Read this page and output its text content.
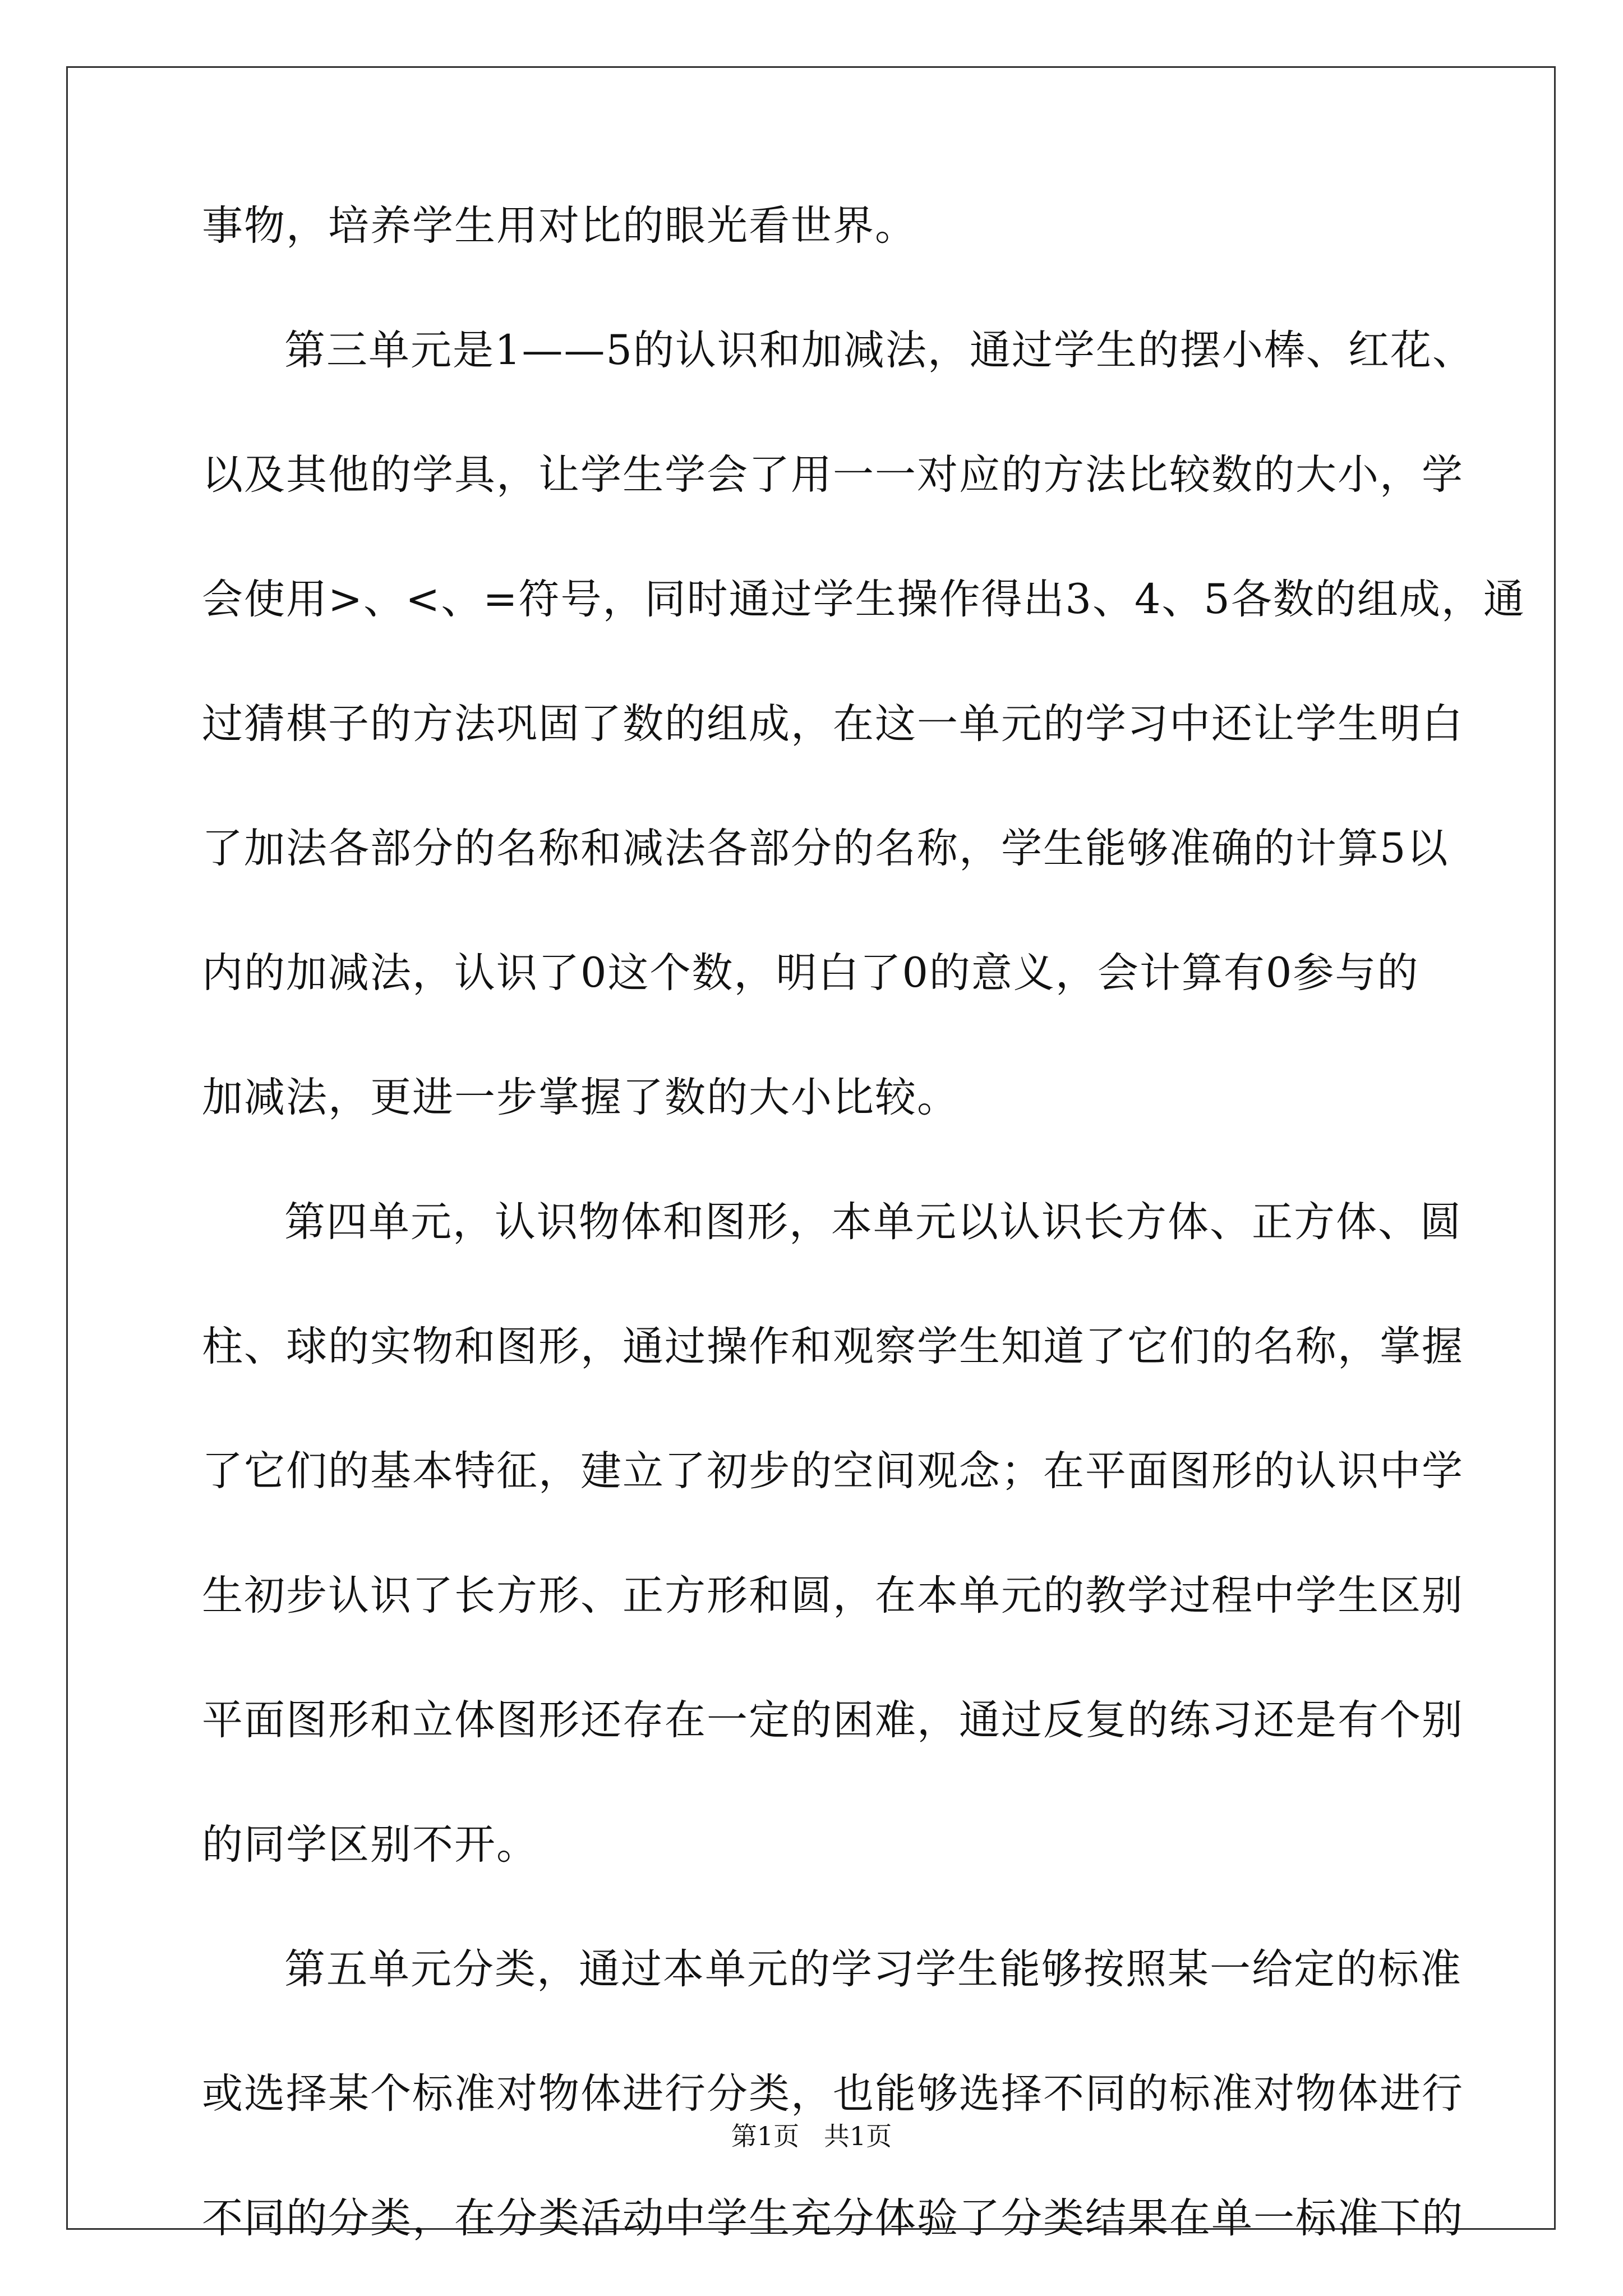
事物，培养学生用对比的眼光看世界。
第三单元是1——5的认识和加减法，通过学生的摆小棒、红花、
以及其他的学具，让学生学会了用一一对应的方法比较数的大小，学
会使用>、<、=符号，同时通过学生操作得出3、4、5各数的组成，通
过猜棋子的方法巩固了数的组成，在这一单元的学习中还让学生明白
了加法各部分的名称和减法各部分的名称，学生能够准确的计算5以
内的加减法，认识了0这个数，明白了0的意义，会计算有0参与的
加减法，更进一步掌握了数的大小比较。
第四单元，认识物体和图形，本单元以认识长方体、正方体、圆
柱、球的实物和图形，通过操作和观察学生知道了它们的名称，掌握
了它们的基本特征，建立了初步的空间观念；在平面图形的认识中学
生初步认识了长方形、正方形和圆，在本单元的教学过程中学生区别
平面图形和立体图形还存在一定的困难，通过反复的练习还是有个别
的同学区别不开。
第五单元分类，通过本单元的学习学生能够按照某一给定的标准
或选择某个标准对物体进行分类，也能够选择不同的标准对物体进行
不同的分类，在分类活动中学生充分体验了分类结果在单一标准下的
第1页   共1页
